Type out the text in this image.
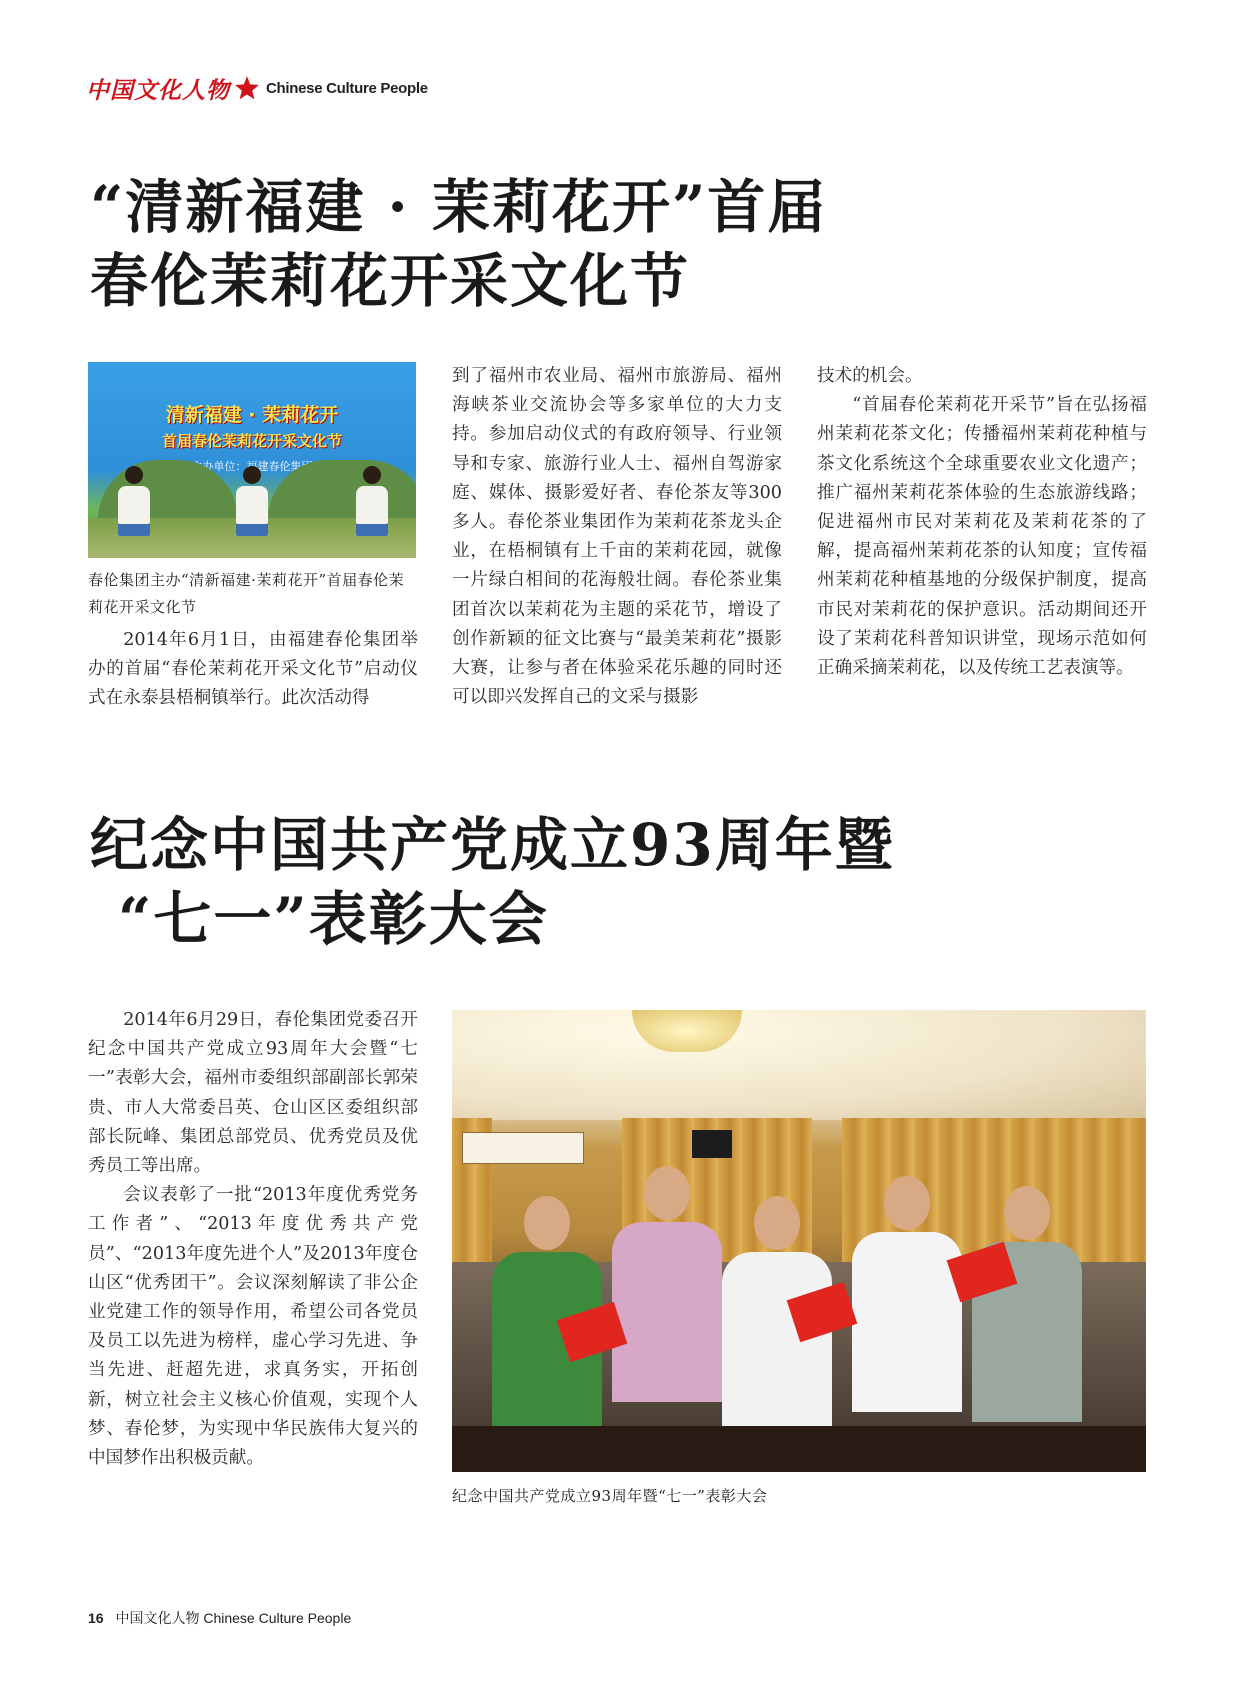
中国文化人物 Chinese Culture People
“清新福建 · 茉莉花开”首届
春伦茉莉花开采文化节
清新福建 · 茉莉花开
首届春伦茉莉花开采文化节
春伦集团主办“清新福建·茉莉花开”首届春伦茉莉花开采文化节

2014年6月1日，由福建春伦集团举办的首届“春伦茉莉花开采文化节”启动仪式在永泰县梧桐镇举行。此次活动得

到了福州市农业局、福州市旅游局、福州海峡茶业交流协会等多家单位的大力支持。参加启动仪式的有政府领导、行业领导和专家、旅游行业人士、福州自驾游家庭、媒体、摄影爱好者、春伦茶友等300多人。春伦茶业集团作为茉莉花茶龙头企业，在梧桐镇有上千亩的茉莉花园，就像一片绿白相间的花海般壮阔。春伦茶业集团首次以茉莉花为主题的采花节，增设了创作新颖的征文比赛与“最美茉莉花”摄影大赛，让参与者在体验采花乐趣的同时还可以即兴发挥自己的文采与摄影

技术的机会。

“首届春伦茉莉花开采节”旨在弘扬福州茉莉花茶文化；传播福州茉莉花种植与茶文化系统这个全球重要农业文化遗产；推广福州茉莉花茶体验的生态旅游线路；促进福州市民对茉莉花及茉莉花茶的了解，提高福州茉莉花茶的认知度；宣传福州茉莉花种植基地的分级保护制度，提高市民对茉莉花的保护意识。活动期间还开设了茉莉花科普知识讲堂，现场示范如何正确采摘茉莉花，以及传统工艺表演等。

纪念中国共产党成立93周年暨
“七一”表彰大会

2014年6月29日，春伦集团党委召开纪念中国共产党成立93周年大会暨“七一”表彰大会，福州市委组织部副部长郭荣贵、市人大常委吕英、仓山区区委组织部部长阮峰、集团总部党员、优秀党员及优秀员工等出席。

会议表彰了一批“2013年度优秀党务工作者”、“2013年度优秀共产党员”、“2013年度先进个人”及2013年度仓山区“优秀团干”。会议深刻解读了非公企业党建工作的领导作用，希望公司各党员及员工以先进为榜样，虚心学习先进、争当先进、赶超先进，求真务实，开拓创新，树立社会主义核心价值观，实现个人梦、春伦梦，为实现中华民族伟大复兴的中国梦作出积极贡献。

纪念中国共产党成立93周年暨“七一”表彰大会
16 中国文化人物 Chinese Culture People
